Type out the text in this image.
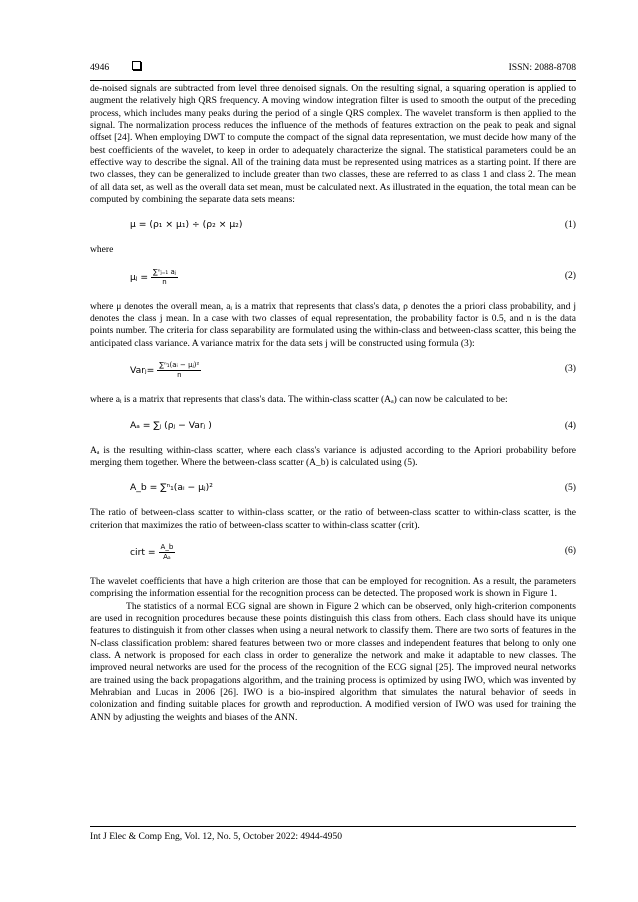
4946	ISSN: 2088-8708

de-noised signals are subtracted from level three denoised signals. On the resulting signal, a squaring operation is applied to augment the relatively high QRS frequency. A moving window integration filter is used to smooth the output of the preceding process, which includes many peaks during the period of a single QRS complex. The wavelet transform is then applied to the signal. The normalization process reduces the influence of the methods of features extraction on the peak to peak and signal offset [24]. When employing DWT to compute the compact of the signal data representation, we must decide how many of the best coefficients of the wavelet, to keep in order to adequately characterize the signal. The statistical parameters could be an effective way to describe the signal. All of the training data must be represented using matrices as a starting point. If there are two classes, they can be generalized to include greater than two classes, these are referred to as class 1 and class 2. The mean of all data set, as well as the overall data set mean, must be calculated next. As illustrated in the equation, the total mean can be computed by combining the separate data sets means:

μ = (ρ₁ × μ₁) ÷ (ρ₂ × μ₂)	(1)

where

μⱼ = $\frac{\text{∑ⁿⱼ₌₁ aⱼ}}{n}$	(2)

where μ denotes the overall mean, aᵢ is a matrix that represents that class's data, ρ denotes the a priori class probability, and j denotes the class j mean. In a case with two classes of equal representation, the probability factor is 0.5, and n is the data points number. The criteria for class separability are formulated using the within-class and between-class scatter, this being the anticipated class variance. A variance matrix for the data sets j will be constructed using formula (3):

Varⱼ= $\frac{\text{∑ⁿ₁(aᵢ − μⱼ)²}}{n}$	(3)

where aᵢ is a matrix that represents that class's data. The within-class scatter (Aₐ) can now be calculated to be:

Aₐ = ∑ⱼ (ρⱼ − Varⱼ )	(4)

Aₐ is the resulting within-class scatter, where each class's variance is adjusted according to the Apriori probability before merging them together. Where the between-class scatter (A_b) is calculated using (5).

A_b = ∑ⁿ₁(aᵢ − μⱼ)²	(5)

The ratio of between-class scatter to within-class scatter, or the ratio of between-class scatter to within-class scatter, is the criterion that maximizes the ratio of between-class scatter to within-class scatter (crit).

cirt = $\frac{A\_b}{\text{Aₐ}}$	(6)

The wavelet coefficients that have a high criterion are those that can be employed for recognition. As a result, the parameters comprising the information essential for the recognition process can be detected. The proposed work is shown in Figure 1.

The statistics of a normal ECG signal are shown in Figure 2 which can be observed, only high-criterion components are used in recognition procedures because these points distinguish this class from others. Each class should have its unique features to distinguish it from other classes when using a neural network to classify them. There are two sorts of features in the N-class classification problem: shared features between two or more classes and independent features that belong to only one class. A network is proposed for each class in order to generalize the network and make it adaptable to new classes. The improved neural networks are used for the process of the recognition of the ECG signal [25]. The improved neural networks are trained using the back propagations algorithm, and the training process is optimized by using IWO, which was invented by Mehrabian and Lucas in 2006 [26]. IWO is a bio-inspired algorithm that simulates the natural behavior of seeds in colonization and finding suitable places for growth and reproduction. A modified version of IWO was used for training the ANN by adjusting the weights and biases of the ANN.

Int J Elec & Comp Eng, Vol. 12, No. 5, October 2022: 4944-4950
